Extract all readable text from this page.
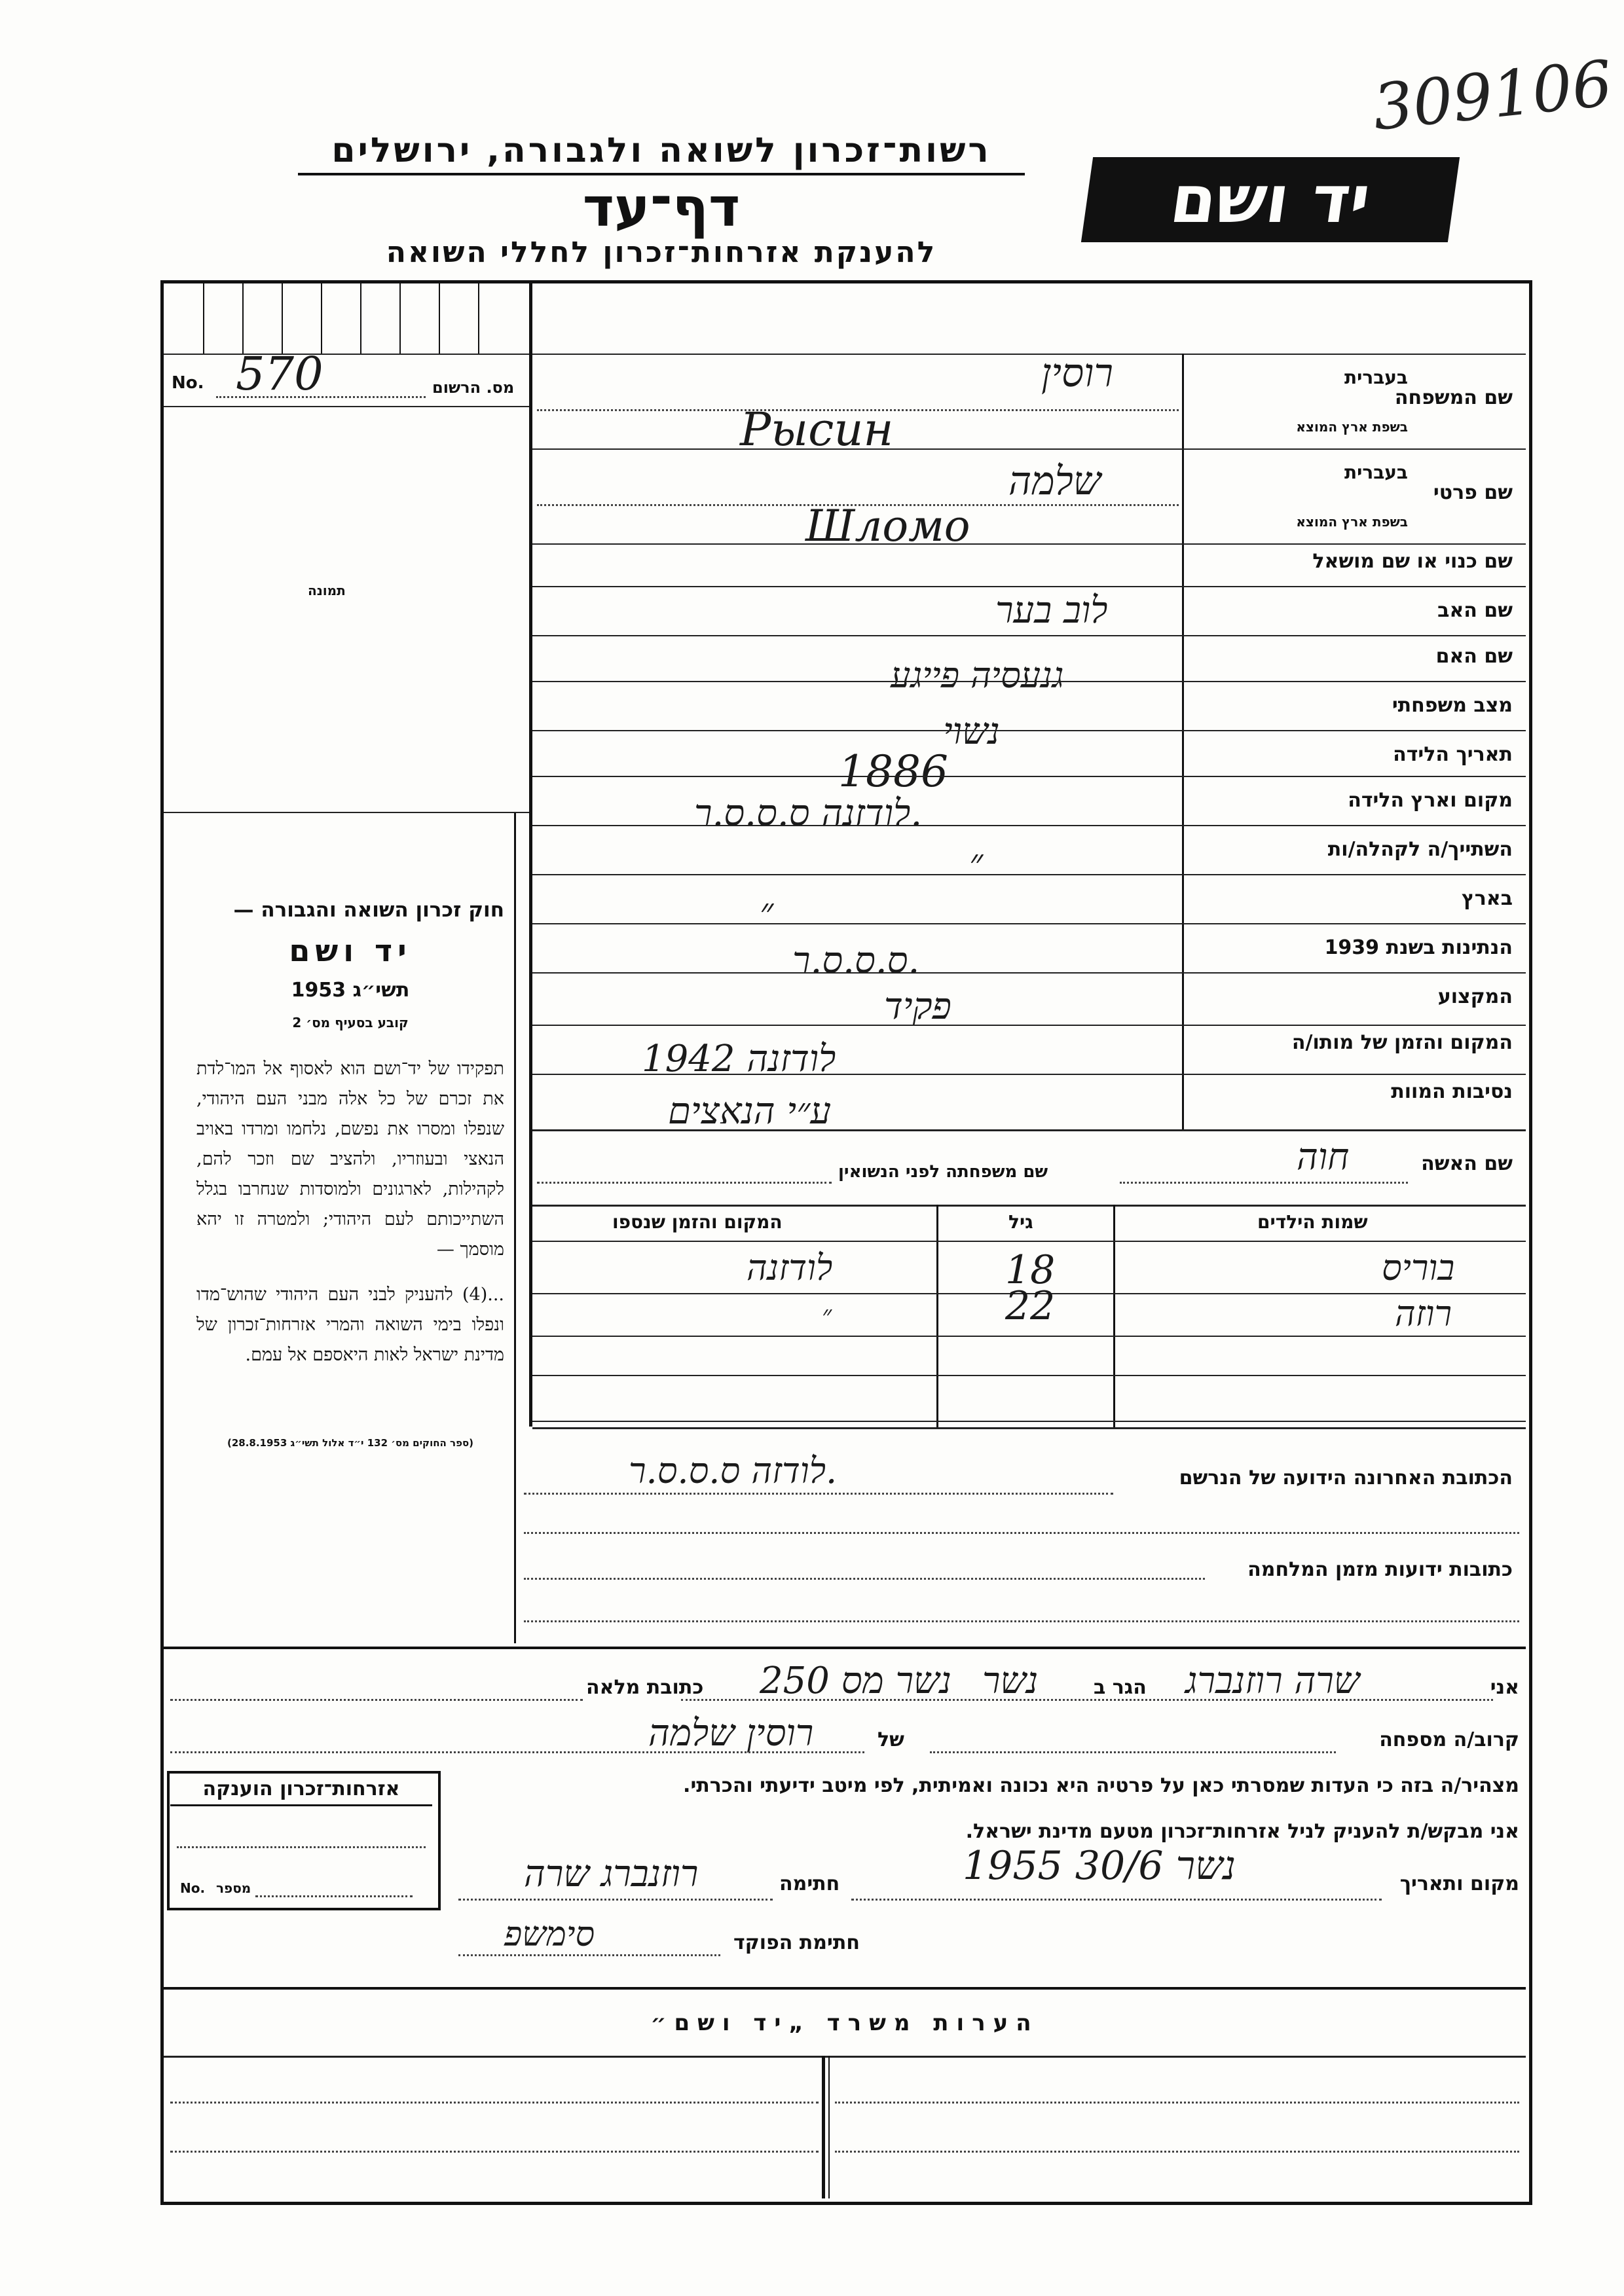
309106
רשות־זכרון לשואה ולגבורה, ירושלים
דף־עד
להענקת אזרחות־זכרון לחללי השואה
יד ושם
No. 570	מס. הרשום
תמונה
שם המשפחה
בעברית
בשפת ארץ המוצא
רוסין
Рысин
שם פרטי
בעברית
בשפת ארץ המוצא
שלמה
Шломо
שם כנוי או שם מושאל
שם האב
לוב בער
שם האם
גנעסיה פייגע
מצב משפחתי
נשוי
תאריך הלידה
1886
מקום וארץ הלידה
לודזנה ס.ס.ס.ר.
השתייך/ה לקהלה/ות
״
בארץ
״
הנתינות בשנת 1939
ס.ס.ס.ר.
המקצוע
פקיד
המקום והזמן של מותו/ה
לודזנה 1942
נסיבות המוות
ע״י הנאצים
שם האשה
חוה
שם משפחתה לפני הנשואין
שמות הילדים
גיל
המקום והזמן שנספו
בוריס
18
לודזנה
רוזה
22
״
חוק זכרון השואה והגבורה —
יד ושם
תשי״ג 1953
קובע בסעיף מס׳ 2
תפקידו של יד־ושם הוא לאסוף אל המו־לדת את זכרם של כל אלה מבני העם היהודי, שנפלו ומסרו את נפשם, נלחמו ומרדו באויב הנאצי ובעוזריו, ולהציב שם וזכר להם, לקהילות, לארגונים ולמוסדות שנחרבו בגלל השתייכותם לעם היהודי; ולמטרה זו יהא מוסמך —
...(4) להעניק לבני העם היהודי שהוש־מדו ונפלו בימי השואה והמרי אזרחות־זכרון של מדינת ישראל לאות היאספם אל עמם.
(ספר החוקים מס׳ 132 י״ד אלול תשי״ג 28.8.1953)
הכתובת האחרונה הידועה של הנרשם
לודזה ס.ס.ס.ר.
כתובות ידועות מזמן המלחמה
אני
שרה רוזנברג
הגר ב
נשר
נשר מס 250
כתובת מלאה
קרוב/ה מספחה
של
רוסין שלמה
מצהיר/ה בזה כי העדות שמסרתי כאן על פרטיה היא נכונה ואמיתית, לפי מיטב ידיעתי והכרתי.
אני מבקש/ת להעניק לניל אזרחות־זכרון מטעם מדינת ישראל.
מקום ותאריך
נשר 30/6 1955
חתימה
רוזנברג שרה
חתימת הפוקד
סימשפ
אזרחות־זכרון הוענקה
No. מספר
הערות משרד „יד ושם״
